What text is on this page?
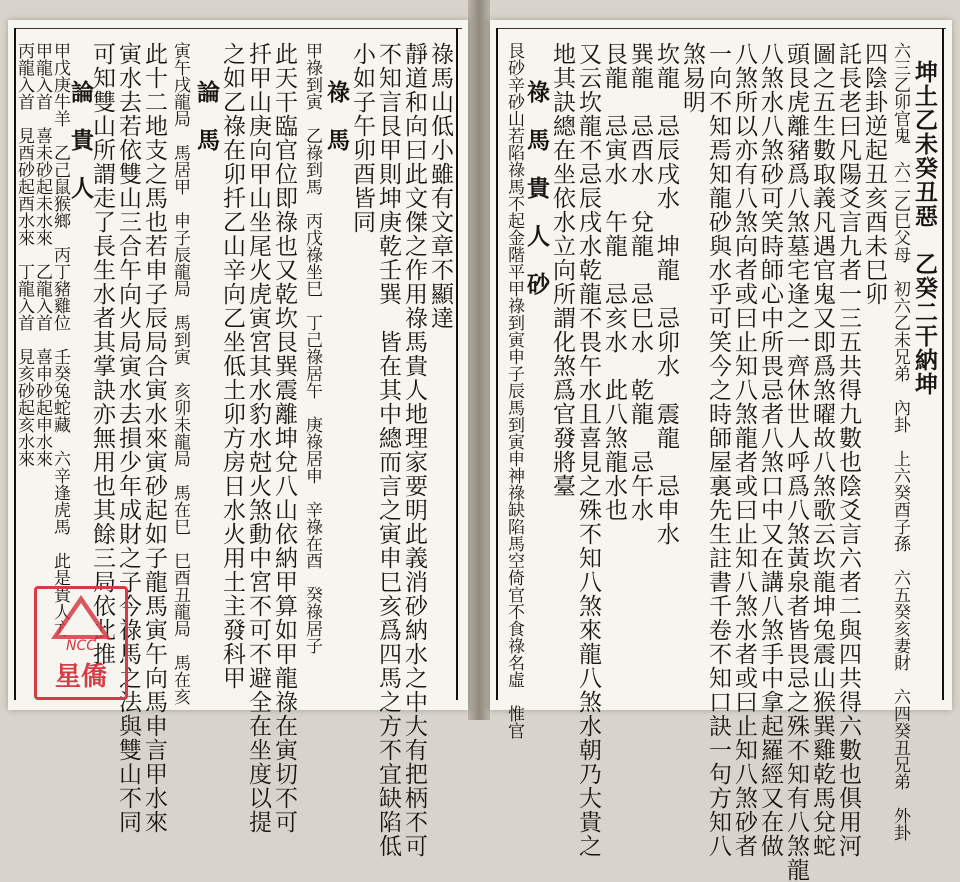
祿馬山低小雖有文章不顯達
靜道和向曰此文傑之作用祿馬貴人地理家要明此義消砂納水之中大有把柄不可
不知言艮甲則坤庚乾壬巽　皆在其中總而言之寅申巳亥爲四馬之方不宜缺陷低
小如子午卯酉皆同
祿　馬
甲祿到寅　乙祿到馬　丙戊祿坐巳　丁己祿居午　庚祿居申　辛祿在酉　癸祿居子
此天干臨官位即祿也又乾坎艮巽震離坤兌八山依納甲算如甲龍祿在寅切不可
扦甲山庚向甲山坐尾火虎寅宮其水豹水尅火煞動中宮不可不避全在坐度以提
之如乙祿在卯扦乙山辛向乙坐低土卯方房日水火用土主發科甲
論　馬
寅午戌龍局　馬居甲　申子辰龍局　馬到寅　亥卯未龍局　馬在巳　巳酉丑龍局　馬在亥
此十二地支之馬也若申子辰局合寅水來寅砂起如子龍馬寅午向馬申言甲水來
寅水去若依雙山三合午向火局寅水去損少年成財之子今祿馬之法與雙山不同
可知雙山所謂走了長生水者其掌訣亦無用也其餘三局依此推
論　貴　人
甲戊庚牛羊　乙己鼠猴鄉　丙丁豬雞位　壬癸兔蛇藏　六辛逢虎馬　此是貴人方
甲龍入首　喜未砂起未水來　乙龍入首　喜申砂起申水來
丙龍入首　見酉砂起酉水來　丁龍入首　見亥砂起亥水來	坤土乙未癸丑惡　乙癸二干納坤
六三乙卯官鬼　六二乙巳父母　初六乙未兄弟　內卦　上六癸酉子孫　六五癸亥妻財　六四癸丑兄弟　外卦
四陰卦逆起丑亥酉未巳卯
託長老曰凡陽爻言九者一三五共得九數也陰爻言六者二與四共得六數也俱用河
圖之五生數取義凡遇官鬼又即爲煞曜故八煞歌云坎龍坤兔震山猴巽雞乾馬兌蛇
頭艮虎離豬爲八煞墓宅逢之一齊休世人呼爲八煞黃泉者皆畏忌之殊不知有八煞龍
八煞水八煞砂可笑時師心中所畏忌者八煞口中又在講八煞手中拿起羅經又在做
八煞所以亦有八煞向者或曰止知八煞龍者或曰止知八煞水者或曰止知八煞砂者
一向不知焉知龍砂與水乎可笑今之時師屋裏先生註書千卷不知口訣一句方知八
煞易明
坎龍　忌辰戌水　坤龍　忌卯水　震龍　忌申水
巽龍　忌酉水　兌龍　忌巳水　乾龍　忌午水
艮龍　忌寅水　午龍　忌亥水　此八煞龍水也
又云坎龍不忌辰戌水乾龍不畏午水且喜見之殊不知八煞來龍八煞水朝乃大貴之
地其訣總在坐依水立向所謂化煞爲官發將臺
祿　馬　貴　人　砂
艮砂辛砂山若陷祿馬不起金階平甲祿到寅申子辰馬到寅申神祿缺陷馬空倚官不食祿名虛　惟官
NCC
星僑
